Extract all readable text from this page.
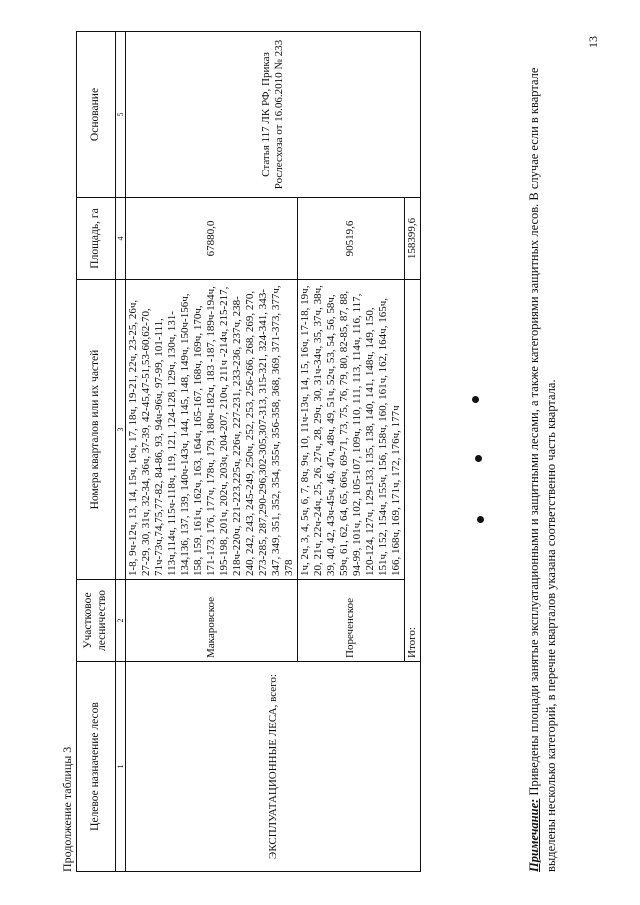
13
Продолжение таблицы 3 Целевое назначение лесов	Участковое лесничество	Номера кварталов или их частей	Площадь, га	Основание
1	2	3	4	5
ЭКСПЛУАТАЦИОННЫЕ ЛЕСА, всего:	Макаровское	1-8, 9ч-12ч, 13, 14, 15ч, 16ч, 17, 18ч, 19-21, 22ч, 23-25, 26ч, 27-29, 30, 31ч, 32-34, 36ч, 37-39, 42-45,47-51,53-60,62-70, 71ч-73ч,74,75,77-82, 84-86, 93, 94ч-96ч, 97-99, 101-111, 113ч,114ч, 115ч-118ч, 119, 121, 124-128, 129ч, 130ч, 131-134,136, 137, 139, 140ч-143ч, 144, 145, 148, 149ч, 150ч-156ч, 158, 159, 161ч, 162ч, 163, 164ч, 165-167, 168ч, 169ч, 170ч, 171-173, 176, 177ч, 178ч, 179, 180ч-182ч, 183 -187, 189ч-194ч, 195-198, 201ч, 202ч, 203ч, 204-207, 210ч, 211ч -214ч, 215-217, 218ч-220ч, 221-223,225ч, 226ч, 227-231, 233-236, 237ч, 238-240, 242, 243, 245-249, 250ч, 252, 253, 256-266, 268, 269, 270, 273-285, 287,290-296,302-305,307-313, 315-321, 324-341, 343-347, 349, 351, 352, 354, 355ч, 356-358, 368, 369, 371-373, 377ч, 378	67880,0	Статья 117 ЛК РФ, Приказ Рослесхоза от 16.06.2010 № 233
	Пореченское	1ч, 2ч, 3, 4, 5ч, 6, 7, 8ч, 9ч, 10, 11ч-13ч, 14, 15, 16ч, 17-18, 19ч, 20, 21ч, 22ч-24ч, 25, 26, 27ч, 28, 29ч, 30, 31ч-34ч, 35, 37ч, 38ч, 39, 40, 42, 43ч-45ч, 46, 47ч, 48ч, 49, 51ч, 52ч, 53, 54, 56, 58ч, 59ч, 61, 62, 64, 65, 66ч, 69-71, 73, 75, 76, 79, 80, 82-85, 87, 88, 94-99, 101ч, 102, 105-107, 109ч, 110, 111, 113, 114ч, 116, 117, 120-124, 127ч, 129-133, 135, 138, 140, 141, 148ч, 149, 150, 151ч, 152, 154ч, 155ч, 156, 158ч, 160, 161ч, 162, 164ч, 165ч, 166, 168ч, 169, 171ч, 172, 176ч, 177ч	90519,6	
	Итого:		158399,6	
Примечание: Приведены площади занятые эксплуатационными и защитными лесами, а также категориями защитных лесов. В случае если в квартале выделены несколько категорий, в перечне кварталов указана соответственно часть квартала.
